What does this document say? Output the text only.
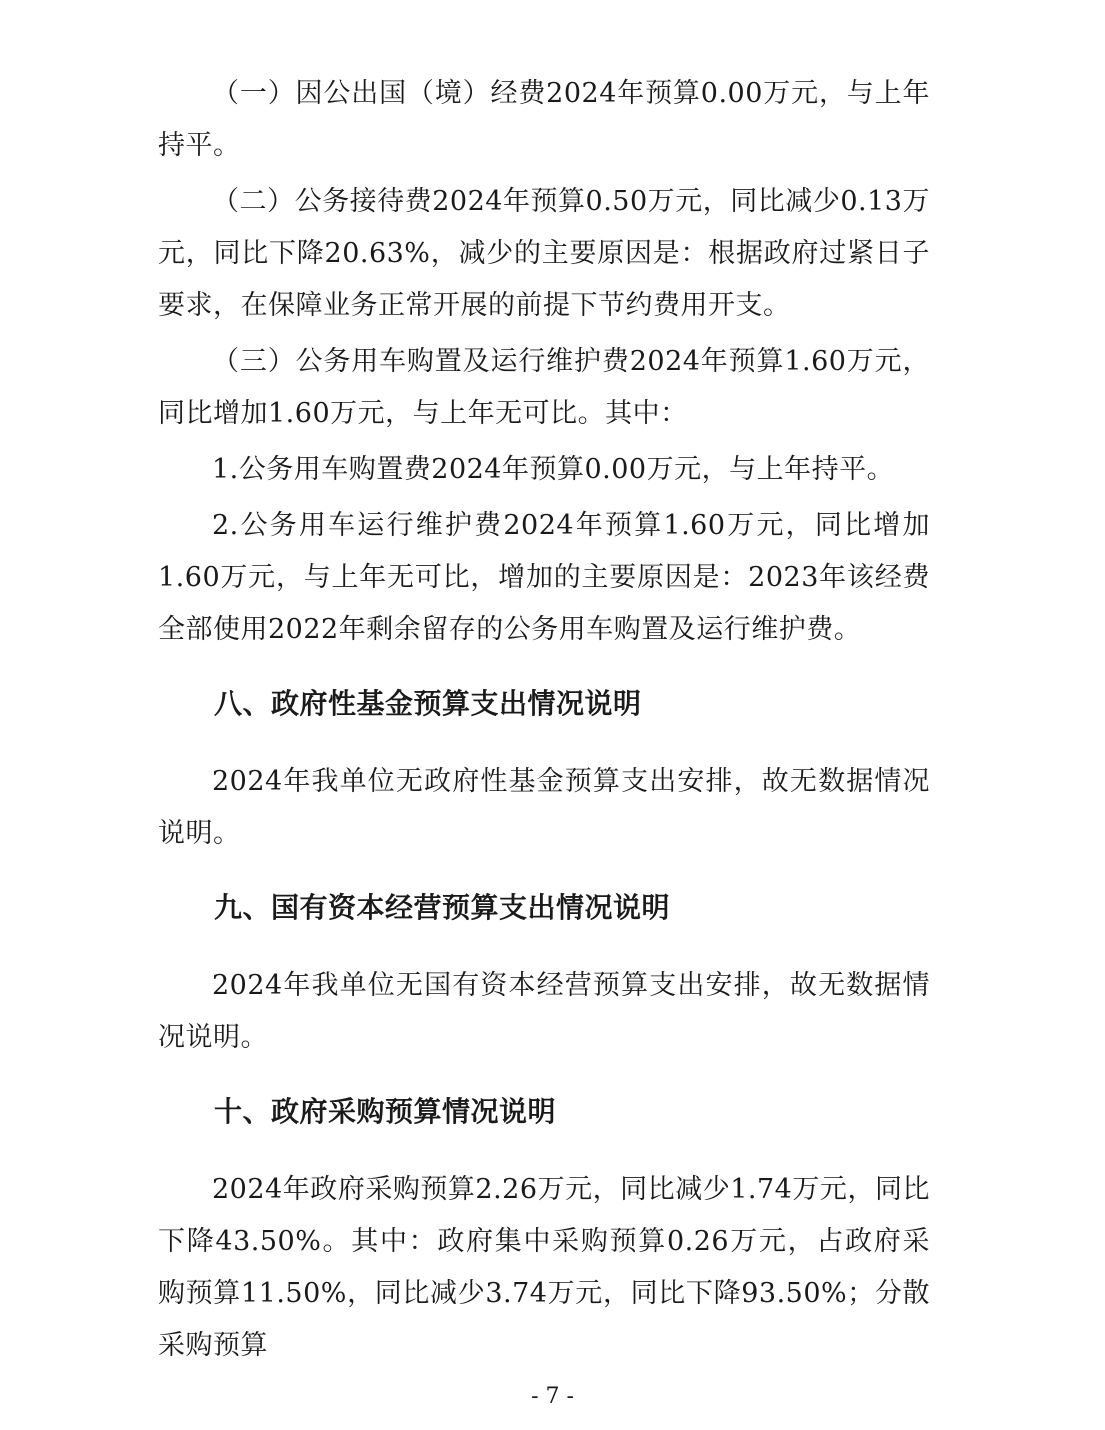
（一）因公出国（境）经费2024年预算0.00万元，与上年持平。

（二）公务接待费2024年预算0.50万元，同比减少0.13万元，同比下降20.63%，减少的主要原因是：根据政府过紧日子要求，在保障业务正常开展的前提下节约费用开支。

（三）公务用车购置及运行维护费2024年预算1.60万元，同比增加1.60万元，与上年无可比。其中：

1.公务用车购置费2024年预算0.00万元，与上年持平。

2.公务用车运行维护费2024年预算1.60万元，同比增加1.60万元，与上年无可比，增加的主要原因是：2023年该经费全部使用2022年剩余留存的公务用车购置及运行维护费。

八、政府性基金预算支出情况说明

2024年我单位无政府性基金预算支出安排，故无数据情况说明。

九、国有资本经营预算支出情况说明

2024年我单位无国有资本经营预算支出安排，故无数据情况说明。

十、政府采购预算情况说明

2024年政府采购预算2.26万元，同比减少1.74万元，同比下降43.50%。其中：政府集中采购预算0.26万元，占政府采购预算11.50%，同比减少3.74万元，同比下降93.50%；分散采购预算

- 7 -
